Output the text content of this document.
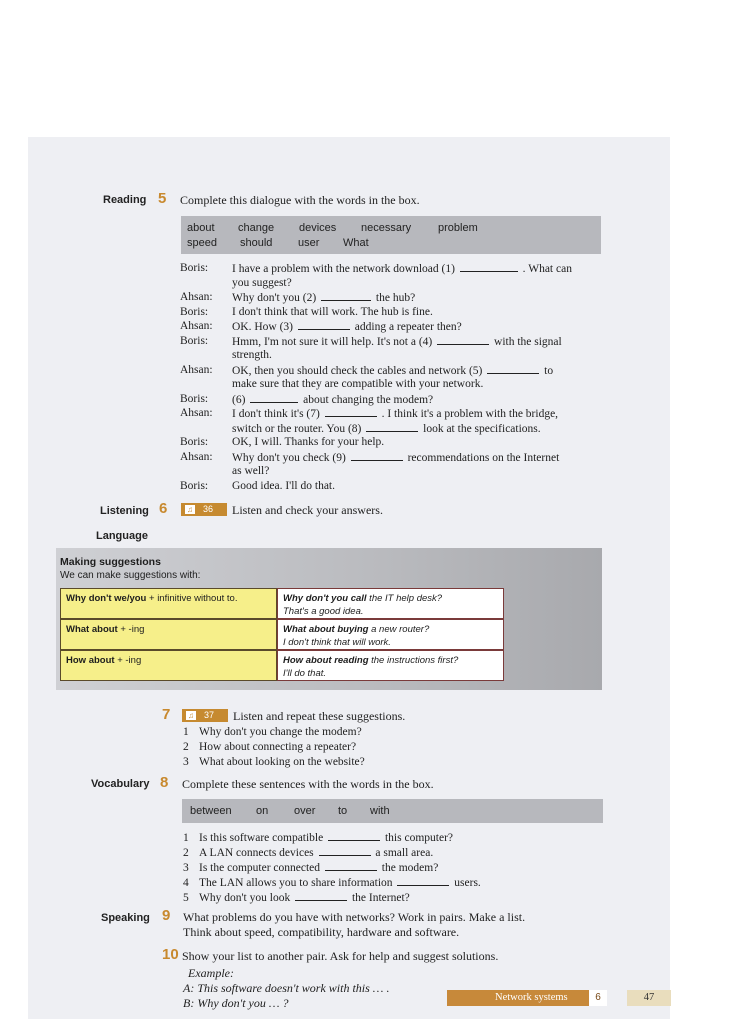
Reading 5 Complete this dialogue with the words in the box.
about change devices necessary problem
speed should user What
Boris: I have a problem with the network download (1)	. What can
you suggest?
Ahsan: Why don't you (2)	the hub?
Boris: I don't think that will work. The hub is fine.
Ahsan: OK. How (3)	adding a repeater then?
Boris: Hmm, I'm not sure it will help. It's not a (4)	with the signal
strength.
Ahsan: OK, then you should check the cables and network (5)	to
make sure that they are compatible with your network.
Boris: (6)	about changing the modem?
Ahsan: I don't think it's (7)	. I think it's a problem with the bridge,
switch or the router. You (8)	look at the specifications.
Boris: OK, I will. Thanks for your help.
Ahsan: Why don't you check (9)	recommendations on the Internet
as well?
Boris: Good idea. I'll do that.
Listening 6 ♫ 36 Listen and check your answers.
Language
Making suggestions
We can make suggestions with:
Why don't we/you + infinitive without to.	Why don't you call the IT help desk?
That's a good idea.
What about + -ing	What about buying a new router?
I don't think that will work.
How about + -ing	How about reading the instructions first?
I'll do that.
7 ♫ 37 Listen and repeat these suggestions.
1 Why don't you change the modem?
2 How about connecting a repeater?
3 What about looking on the website?
Vocabulary 8 Complete these sentences with the words in the box.
between on over to with
1 Is this software compatible	this computer?
2 A LAN connects devices	a small area.
3 Is the computer connected	the modem?
4 The LAN allows you to share information	users.
5 Why don't you look	the Internet?
Speaking 9 What problems do you have with networks? Work in pairs. Make a list.
Think about speed, compatibility, hardware and software.
10 Show your list to another pair. Ask for help and suggest solutions.
Example:
A: This software doesn't work with this … .
B: Why don't you … ?	Network systems	6	47
